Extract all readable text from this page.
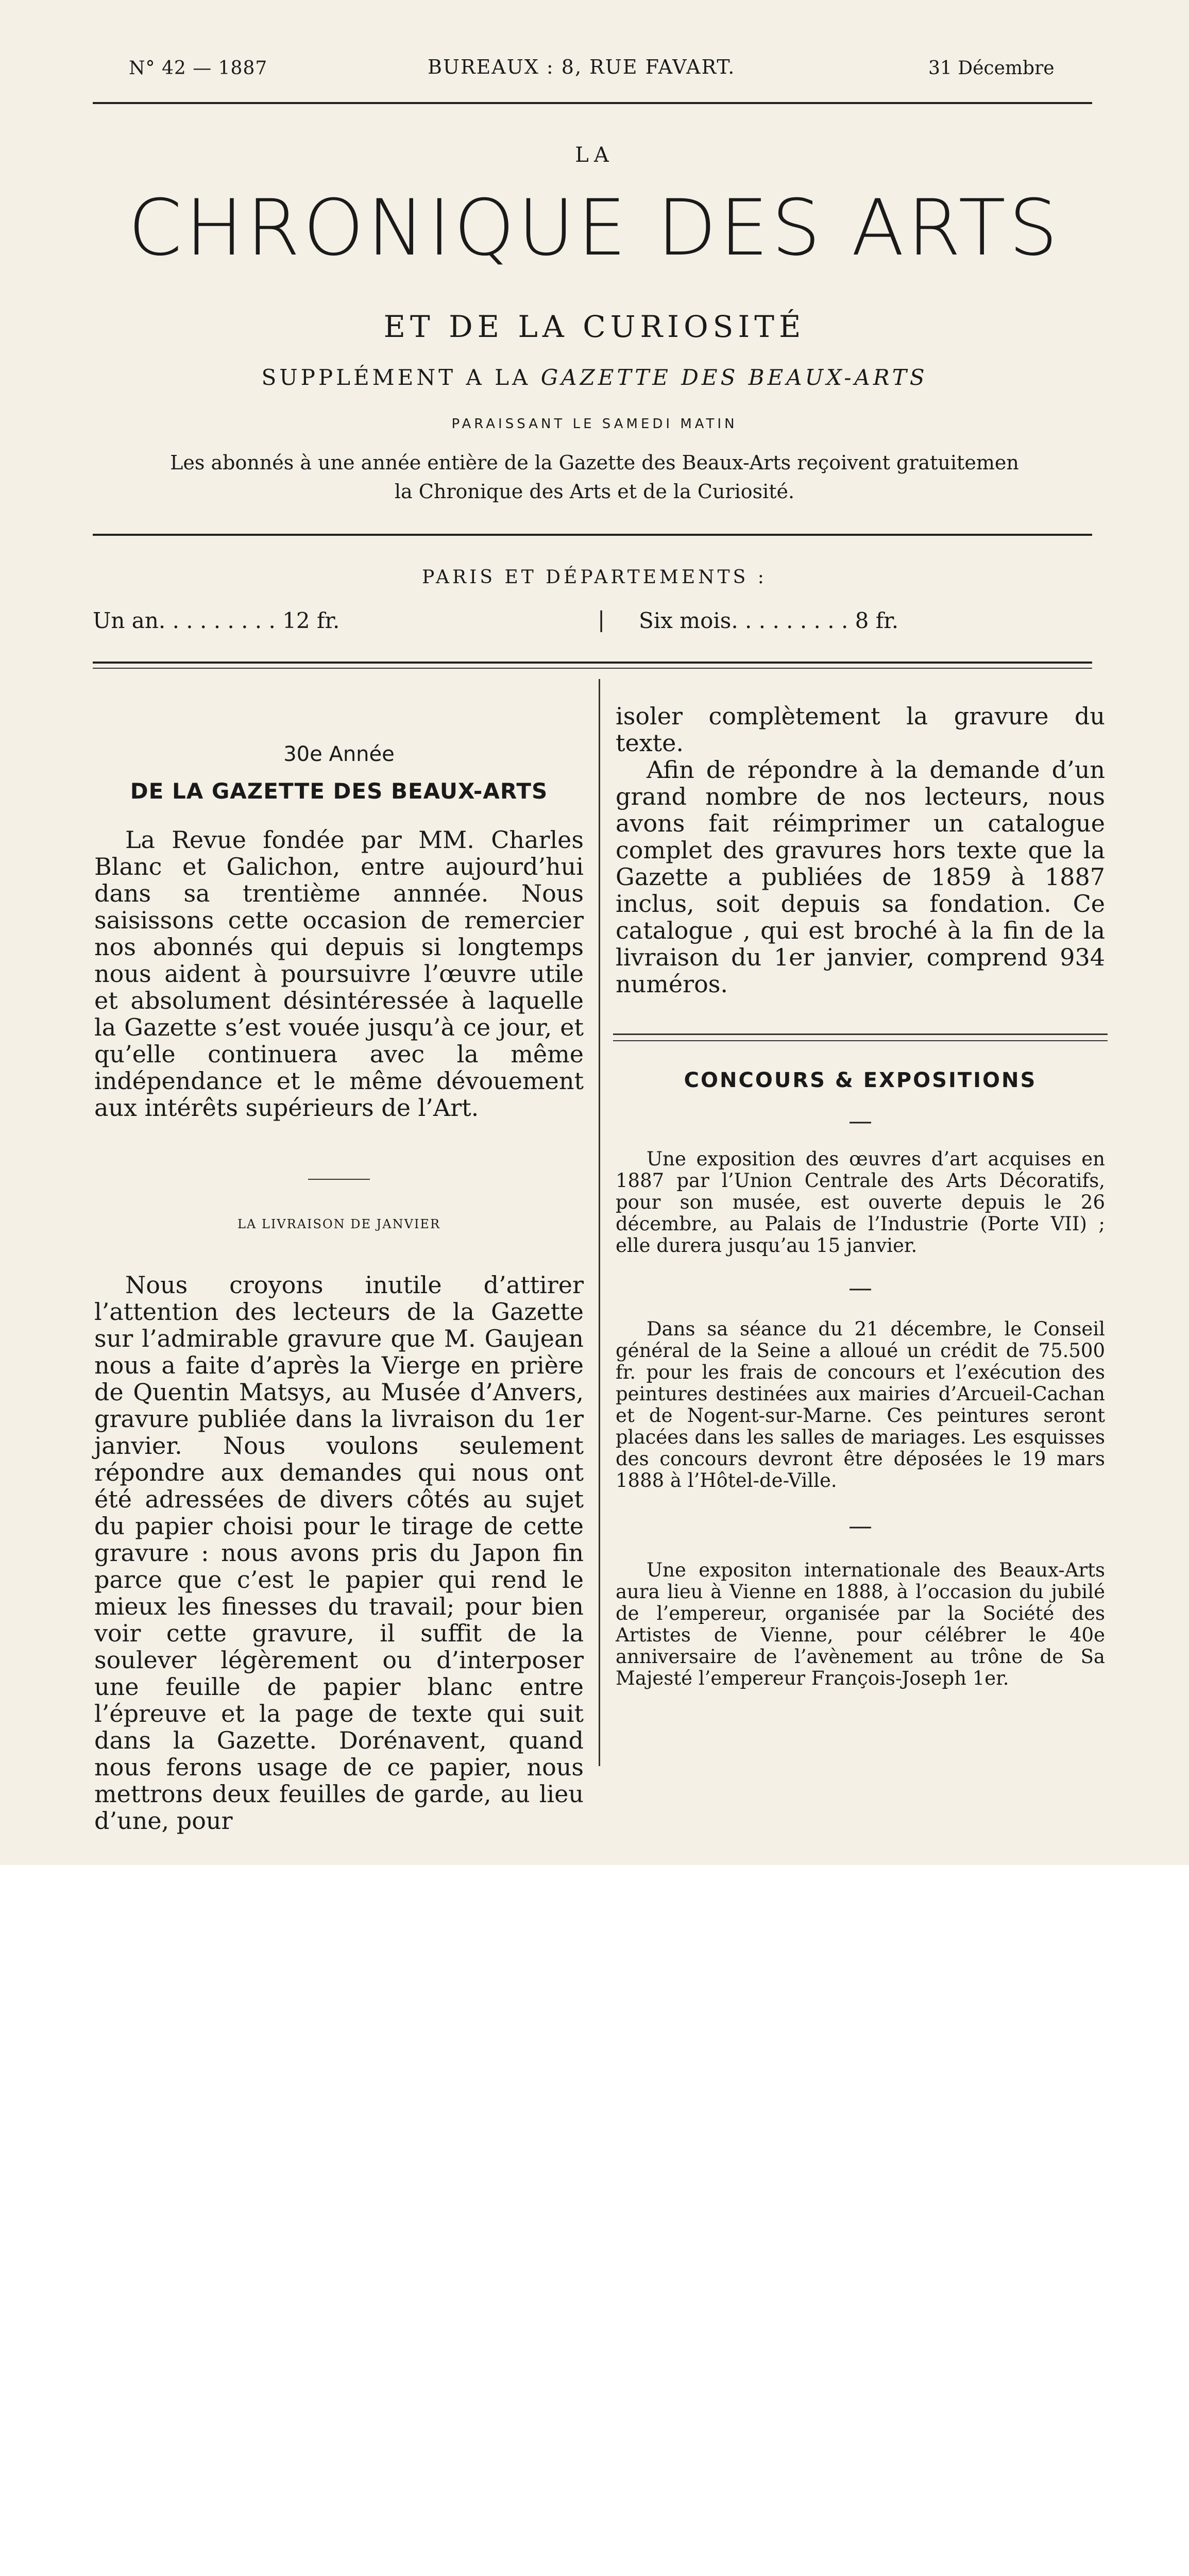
N° 42 — 1887	BUREAUX : 8, RUE FAVART.	31 Décembre
LA
CHRONIQUE DES ARTS
ET DE LA CURIOSITÉ
SUPPLÉMENT A LA GAZETTE DES BEAUX-ARTS
PARAISSANT LE SAMEDI MATIN
Les abonnés à une année entière de la Gazette des Beaux-Arts reçoivent gratuitemen
la Chronique des Arts et de la Curiosité.
PARIS ET DÉPARTEMENTS :
Un an. . . . . . . . . 12 fr.	| Six mois. . . . . . . . . 8 fr.
30e Année
DE LA GAZETTE DES BEAUX-ARTS

La Revue fondée par MM. Charles Blanc et Galichon, entre aujourd’hui dans sa trentième annnée. Nous saisissons cette occasion de remercier nos abonnés qui depuis si longtemps nous aident à poursuivre l’œuvre utile et absolument désintéressée à laquelle la Gazette s’est vouée jusqu’à ce jour, et qu’elle continuera avec la même indépendance et le même dévouement aux intérêts supérieurs de l’Art.

LA LIVRAISON DE JANVIER

Nous croyons inutile d’attirer l’attention des lecteurs de la Gazette sur l’admirable gravure que M. Gaujean nous a faite d’après la Vierge en prière de Quentin Matsys, au Musée d’Anvers, gravure publiée dans la livraison du 1er janvier. Nous voulons seulement répondre aux demandes qui nous ont été adressées de divers côtés au sujet du papier choisi pour le tirage de cette gravure : nous avons pris du Japon fin parce que c’est le papier qui rend le mieux les finesses du travail; pour bien voir cette gravure, il suffit de la soulever légèrement ou d’interposer une feuille de papier blanc entre l’épreuve et la page de texte qui suit dans la Gazette. Dorénavent, quand nous ferons usage de ce papier, nous mettrons deux feuilles de garde, au lieu d’une, pour

isoler complètement la gravure du texte.

Afin de répondre à la demande d’un grand nombre de nos lecteurs, nous avons fait réimprimer un catalogue complet des gravures hors texte que la Gazette a publiées de 1859 à 1887 inclus, soit depuis sa fondation. Ce catalogue , qui est broché à la fin de la livraison du 1er janvier, comprend 934 numéros.

CONCOURS & EXPOSITIONS
—

Une exposition des œuvres d’art acquises en 1887 par l’Union Centrale des Arts Décoratifs, pour son musée, est ouverte depuis le 26 décembre, au Palais de l’Industrie (Porte VII) ; elle durera jusqu’au 15 janvier.

—

Dans sa séance du 21 décembre, le Conseil général de la Seine a alloué un crédit de 75.500 fr. pour les frais de concours et l’exécution des peintures destinées aux mairies d’Arcueil-Cachan et de Nogent-sur-Marne. Ces peintures seront placées dans les salles de mariages. Les esquisses des concours devront être déposées le 19 mars 1888 à l’Hôtel-de-Ville.

—

Une expositon internationale des Beaux-Arts aura lieu à Vienne en 1888, à l’occasion du jubilé de l’empereur, organisée par la Société des Artistes de Vienne, pour célébrer le 40e anniversaire de l’avènement au trône de Sa Majesté l’empereur François-Joseph 1er.
